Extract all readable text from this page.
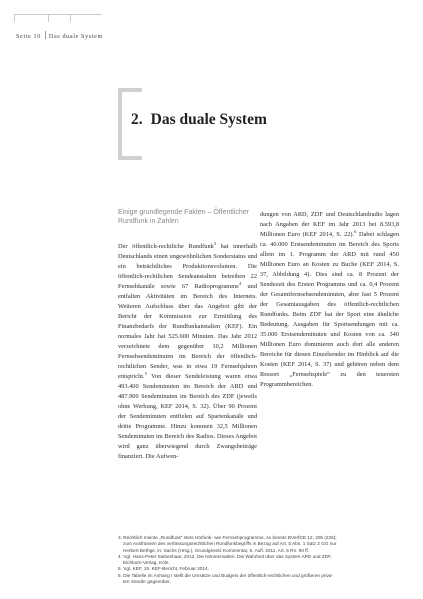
Seite 10 Das duale System
2. Das duale System
Einige grundlegende Fakten – Öffentlicher Rundfunk in Zahlen

Der öffentlich-rechtliche Rundfunk$^3$ hat innerhalb Deutschlands einen ungewöhnlichen Sonderstatus und ein beträchtliches Produktionsvolumen. Die öffentlich-rechtlichen Sendeanstalten betreiben 22 Fernsehkanäle sowie 67 Radioprogramme$^4$ und entfalten Aktivitäten im Bereich des Internets. Weiteren Aufschluss über das Angebot gibt der Bericht der Kommission zur Ermittlung des Finanzbedarfs der Rundfunkanstalten (KEF). Ein normales Jahr hat 525.600 Minuten. Das Jahr 2012 verzeichnete dem gegenüber 10,2 Millionen Fernsehsendeminuten im Bereich der öffentlich-rechtlichen Sender, was in etwa 19 Fernsehjahren entspricht.$^5$ Von dieser Sendeleistung waren etwa 493.400 Sendeminuten im Bereich der ARD und 487.900 Sendeminuten im Bereich des ZDF (jeweils ohne Werbung, KEF 2014, S. 32). Über 90 Prozent der Sendeminuten entfielen auf Spartenkanäle und dritte Programme. Hinzu kommen 32,5 Millionen Sendeminuten im Bereich des Radios. Dieses Angebot wird ganz überwiegend durch Zwangsbeiträge finanziert. Die Aufwen-

dungen von ARD, ZDF und Deutschlandradio lagen nach Angaben der KEF im Jahr 2013 bei 8.593,8 Millionen Euro (KEF 2014, S. 22).$^6$ Dabei schlagen ca. 40.000 Erstsendeminuten im Bereich des Sports allein im 1. Programm der ARD mit rund 450 Millionen Euro an Kosten zu Buche (KEF 2014, S. 37, Abbildung 4). Dies sind ca. 8 Prozent der Sendezeit des Ersten Programms und ca. 0,4 Prozent der Gesamtfernsehsendeminuten, aber fast 5 Prozent der Gesamtausgaben des öffentlich-rechtlichen Rundfunks. Beim ZDF hat der Sport eine ähnliche Bedeutung. Ausgaben für Sportsendungen mit ca. 35.000 Erstsendeminuten und Kosten von ca. 340 Millionen Euro dominieren auch dort alle anderen Bereiche für diesen Einzelsender im Hinblick auf die Kosten (KEF 2014, S. 37) und gehören neben dem Ressort „Fernsehspiele“ zu den teuersten Programmbereichen.

3. Rechtlich meinte „Rundfunk“ stets Hörfunk- wie Fernsehprogramme, so bereits BVerfGE 12, 205 (226);

zum Ausfransen des verfassungsrechtlichen Rundfunkbegriffs in Bezug auf Art. 5 Abs. 1 Satz 2 GG nur

Herbert Bethge, in: Sachs (Hrsg.), Grundgesetz Kommentar, 6. Aufl. 2011, Art. 5 Rn. 90 ff.

4. Vgl. Hans-Peter Siebenhaar, 2012, Die Nimmersatten. Die Wahrheit über das System ARD und ZDF,

Eichborn-Verlag, Köln.

5. Vgl. KEF, 19. KEF-Bericht, Februar 2014.

6. Die Tabelle im Anhang I stellt die Umsätze und Budgets der öffentlich-rechtlichen und größeren priva-

ten Sender gegenüber.
